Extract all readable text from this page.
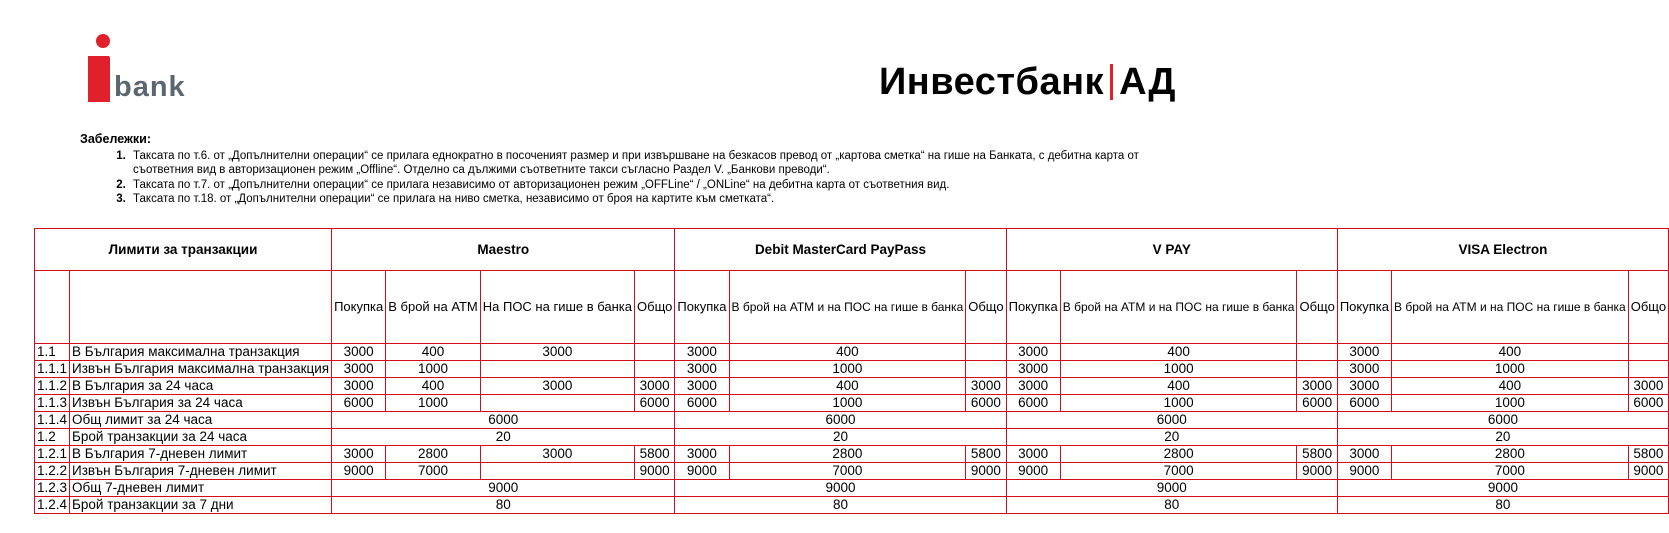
bank	Инвестбанк АД
Забележки:
1. Таксата по т.6. от „Допълнителни операции“ се прилага еднократно в посоченият размер и при извършване на безкасов превод от „картова сметка“ на гише на Банката, с дебитна карта от съответния вид в авторизационен режим „Offline“. Отделно са дължими съответните такси съгласно Раздел V. „Банкови преводи“.
2. Таксата по т.7. от „Допълнителни операции“ се прилага независимо от авторизационен режим „OFFLine“ / „ONLine“ на дебитна карта от съответния вид.
3. Таксата по т.18. от „Допълнителни операции“ се прилага на ниво сметка, независимо от броя на картите към сметката“.
Лимити за транзакции		Maestro				Debit MasterCard PayPass			V PAY			VISA Electron		
		Покупка	В брой на АТМ	На ПОС на гише в банка	Общо	Покупка	В брой на АТМ и на ПОС на гише в банка	Общо	Покупка	В брой на АТМ и на ПОС на гише в банка	Общо	Покупка	В брой на АТМ и на ПОС на гише в банка	Общо
1.1	В България максимална транзакция	3000	400	3000		3000	400		3000	400		3000	400	
1.1.1	Извън България максимална транзакция	3000	1000			3000	1000		3000	1000		3000	1000	
1.1.2	В България за 24 часа	3000	400	3000	3000	3000	400	3000	3000	400	3000	3000	400	3000
1.1.3	Извън България за 24 часа	6000	1000		6000	6000	1000	6000	6000	1000	6000	6000	1000	6000
1.1.4	Общ лимит за 24 часа	6000				6000			6000			6000		
1.2	Брой транзакции за 24 часа	20				20			20			20		
1.2.1	В България 7-дневен лимит	3000	2800	3000	5800	3000	2800	5800	3000	2800	5800	3000	2800	5800
1.2.2	Извън България 7-дневен лимит	9000	7000		9000	9000	7000	9000	9000	7000	9000	9000	7000	9000
1.2.3	Общ 7-дневен лимит	9000				9000			9000			9000		
1.2.4	Брой транзакции за 7 дни	80				80			80			80		
